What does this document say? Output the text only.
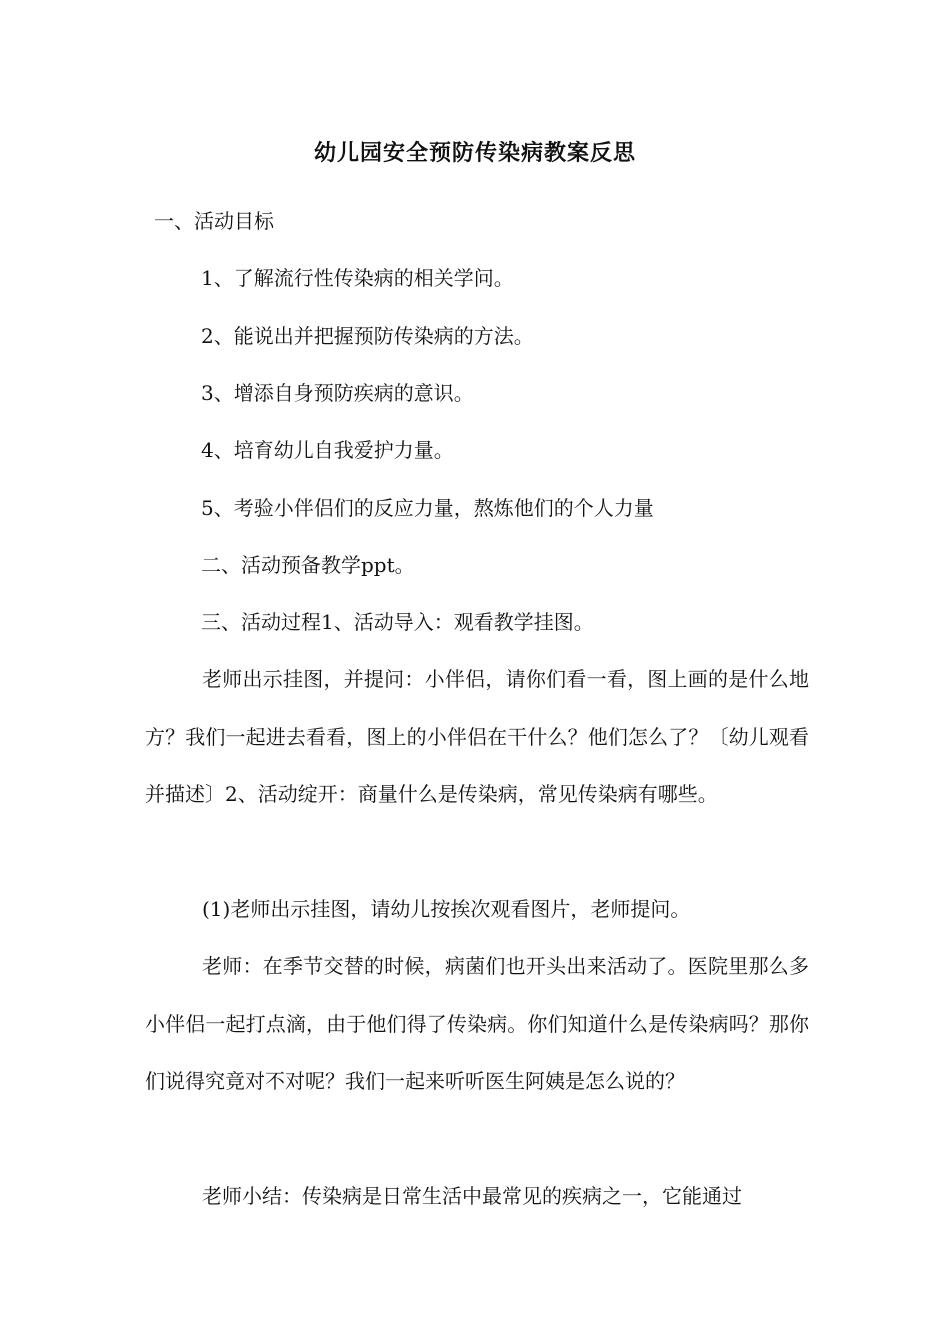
幼儿园安全预防传染病教案反思
一、活动目标
1、了解流行性传染病的相关学问。
2、能说出并把握预防传染病的方法。
3、增添自身预防疾病的意识。
4、培育幼儿自我爱护力量。
5、考验小伴侣们的反应力量，熬炼他们的个人力量
二、活动预备教学ppt。
三、活动过程1、活动导入：观看教学挂图。
老师出示挂图，并提问：小伴侣，请你们看一看，图上画的是什么地方？我们一起进去看看，图上的小伴侣在干什么？他们怎么了？〔幼儿观看并描述〕2、活动绽开：商量什么是传染病，常见传染病有哪些。
(1)老师出示挂图，请幼儿按挨次观看图片，老师提问。
老师：在季节交替的时候，病菌们也开头出来活动了。医院里那么多小伴侣一起打点滴，由于他们得了传染病。你们知道什么是传染病吗？那你们说得究竟对不对呢？我们一起来听听医生阿姨是怎么说的？
老师小结：传染病是日常生活中最常见的疾病之一，它能通过
